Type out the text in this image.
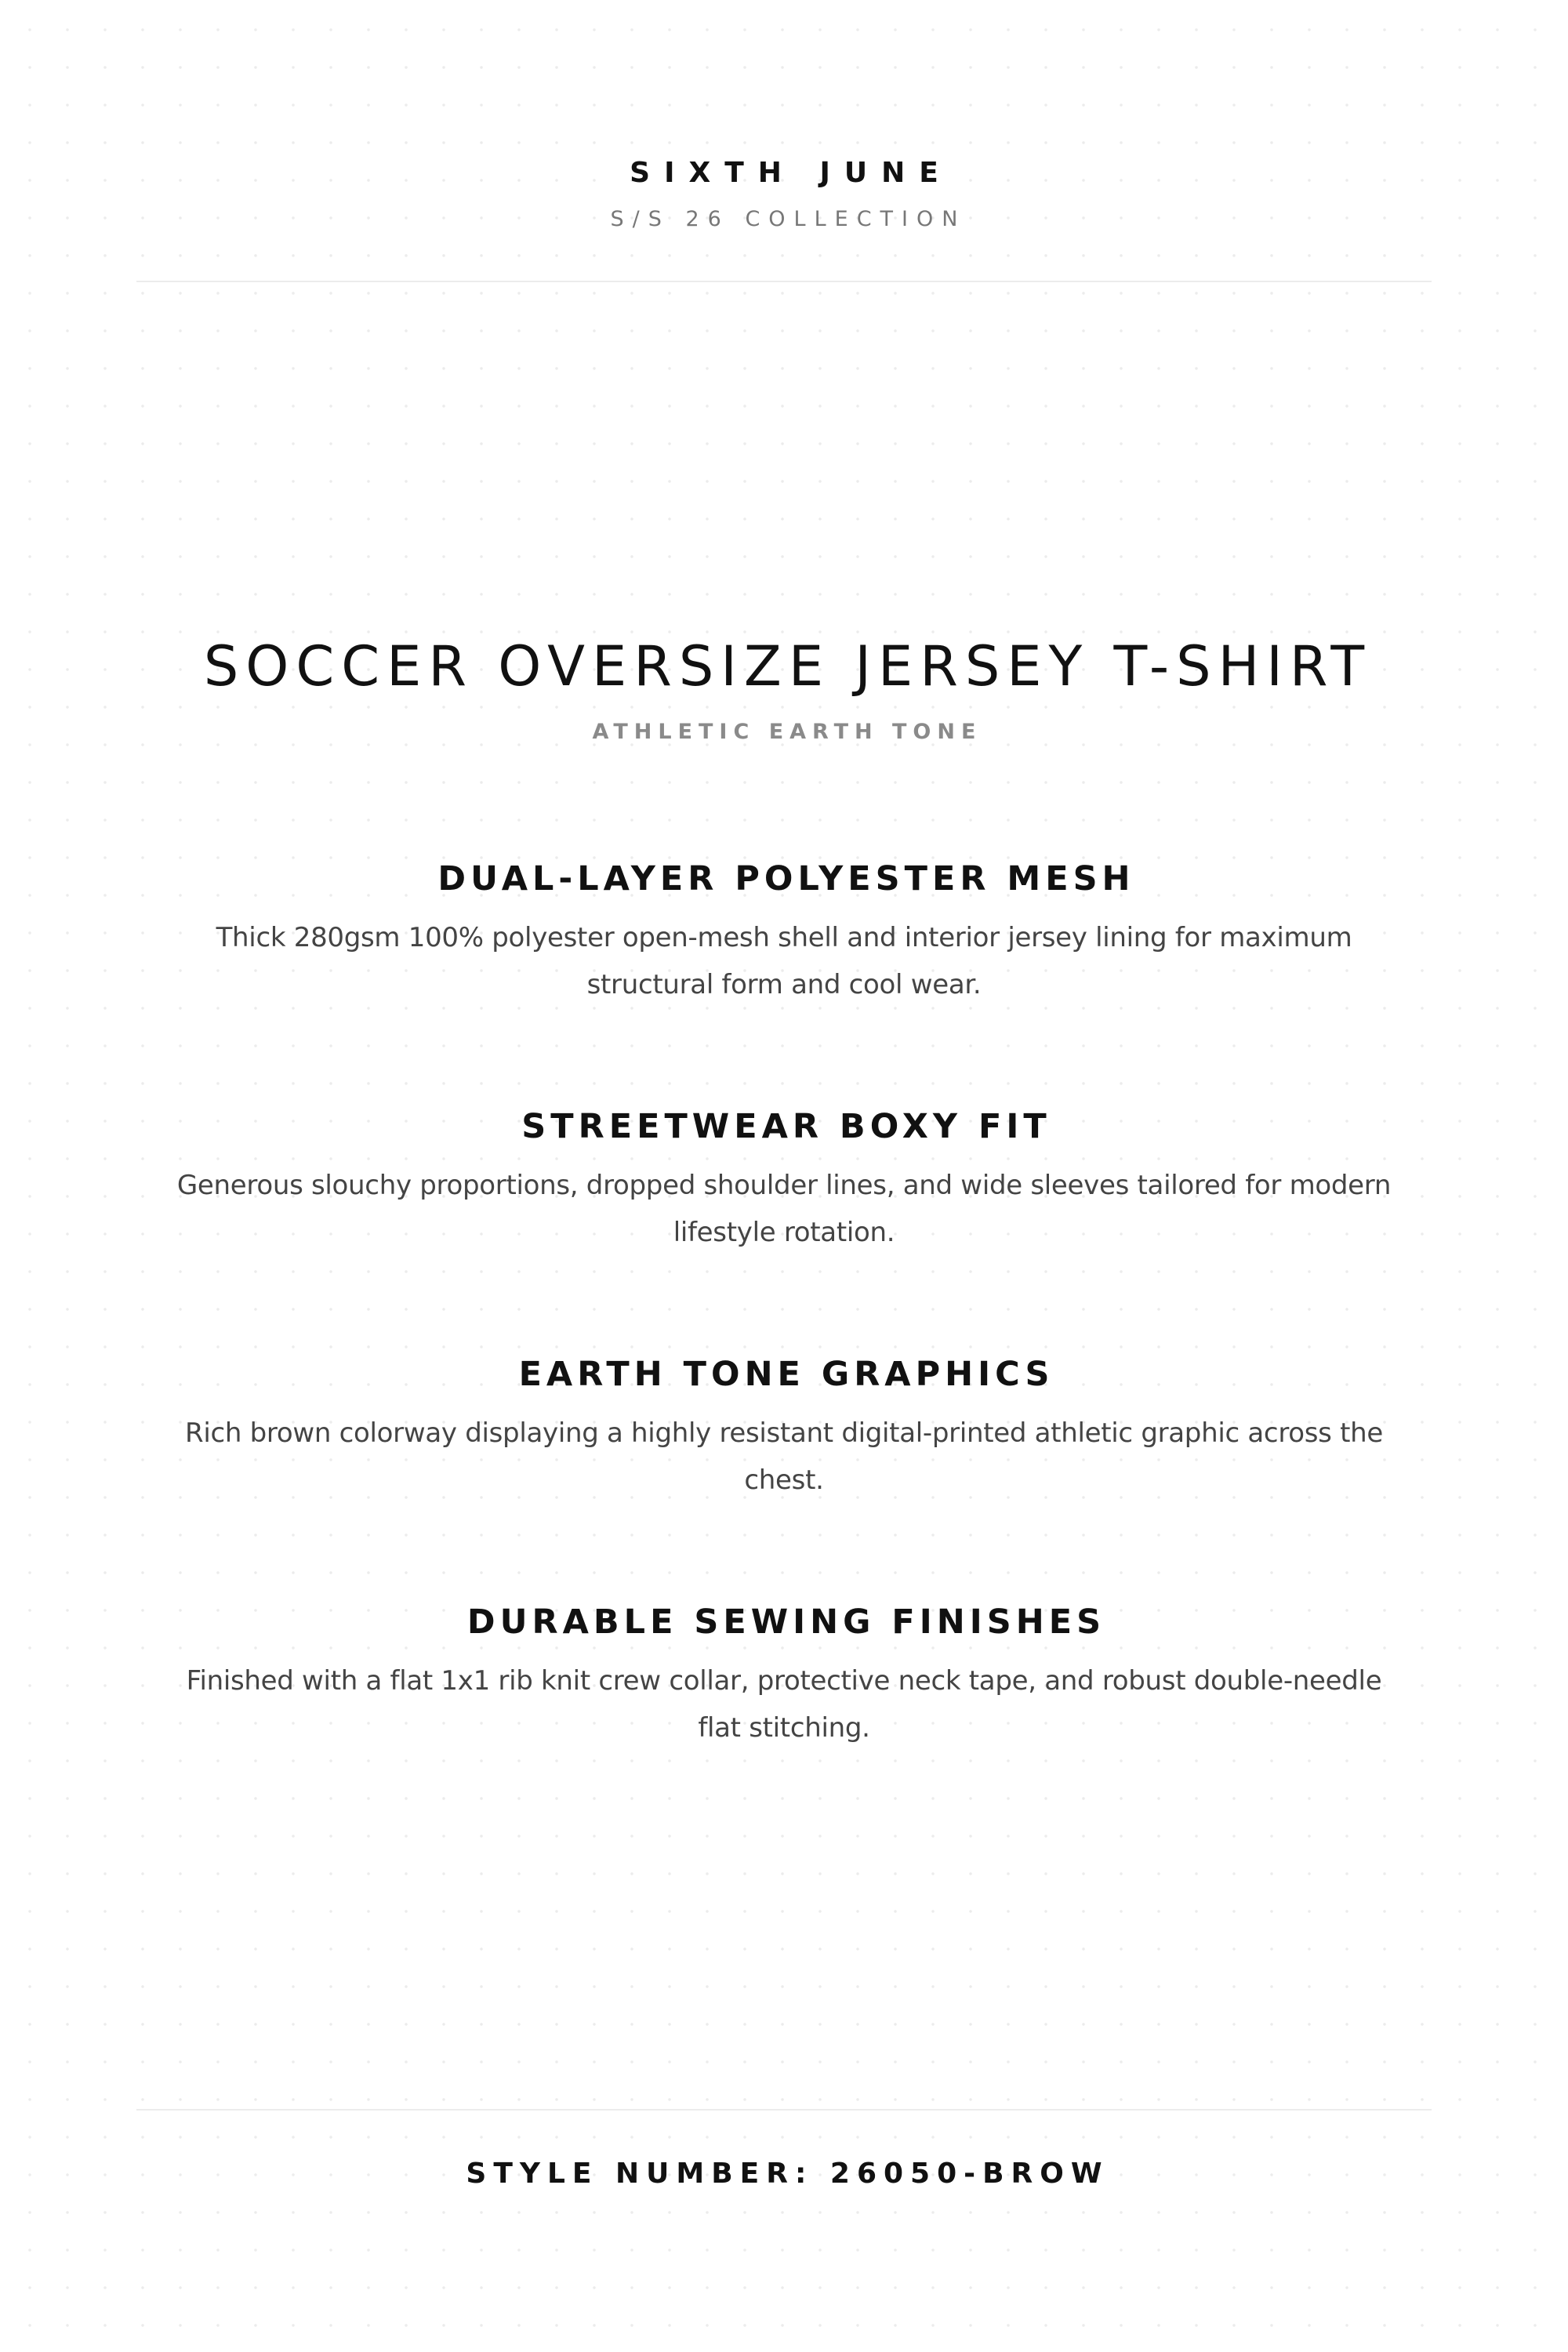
SIXTH JUNE
S/S 26 COLLECTION
SOCCER OVERSIZE JERSEY T-SHIRT
ATHLETIC EARTH TONE
DUAL-LAYER POLYESTER MESH

Thick 280gsm 100% polyester open-mesh shell and interior jersey lining for maximum structural form and cool wear.

STREETWEAR BOXY FIT

Generous slouchy proportions, dropped shoulder lines, and wide sleeves tailored for modern lifestyle rotation.

EARTH TONE GRAPHICS

Rich brown colorway displaying a highly resistant digital-printed athletic graphic across the chest.

DURABLE SEWING FINISHES

Finished with a flat 1x1 rib knit crew collar, protective neck tape, and robust double-needle flat stitching.

STYLE NUMBER: 26050-BROW
